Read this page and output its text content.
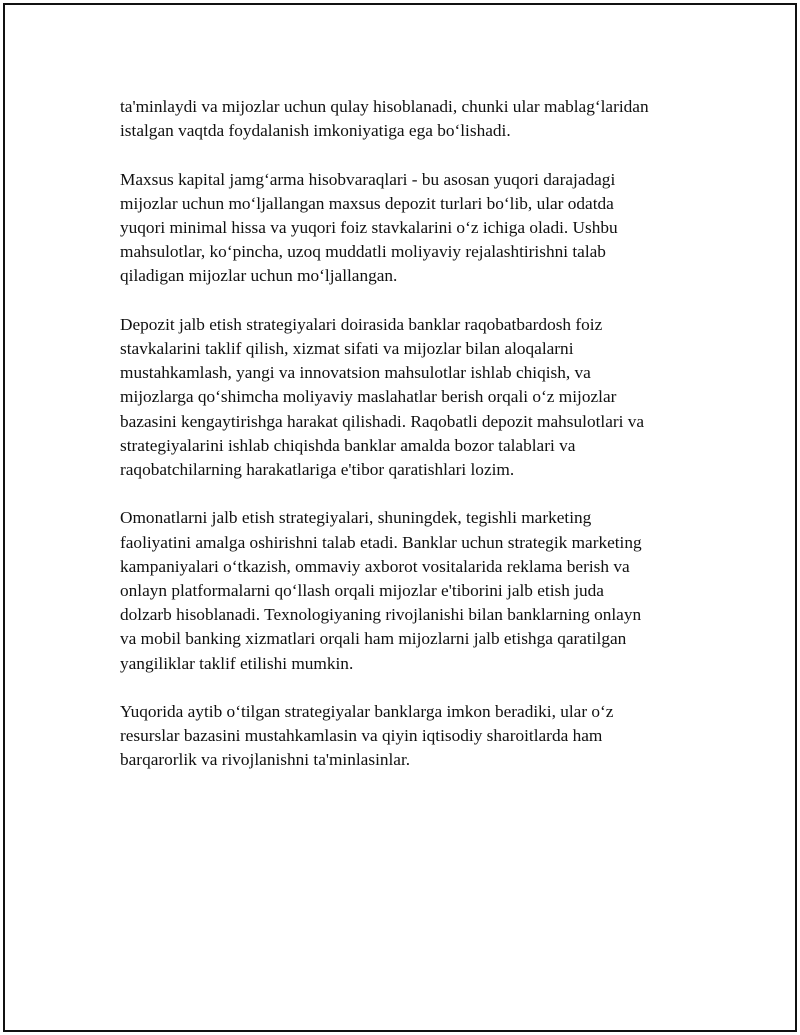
ta'minlaydi va mijozlar uchun qulay hisoblanadi, chunki ular mablag‘laridan
istalgan vaqtda foydalanish imkoniyatiga ega bo‘lishadi.

Maxsus kapital jamg‘arma hisobvaraqlari - bu asosan yuqori darajadagi
mijozlar uchun mo‘ljallangan maxsus depozit turlari bo‘lib, ular odatda
yuqori minimal hissa va yuqori foiz stavkalarini o‘z ichiga oladi. Ushbu
mahsulotlar, ko‘pincha, uzoq muddatli moliyaviy rejalashtirishni talab
qiladigan mijozlar uchun mo‘ljallangan.

Depozit jalb etish strategiyalari doirasida banklar raqobatbardosh foiz
stavkalarini taklif qilish, xizmat sifati va mijozlar bilan aloqalarni
mustahkamlash, yangi va innovatsion mahsulotlar ishlab chiqish, va
mijozlarga qo‘shimcha moliyaviy maslahatlar berish orqali o‘z mijozlar
bazasini kengaytirishga harakat qilishadi. Raqobatli depozit mahsulotlari va
strategiyalarini ishlab chiqishda banklar amalda bozor talablari va
raqobatchilarning harakatlariga e'tibor qaratishlari lozim.

Omonatlarni jalb etish strategiyalari, shuningdek, tegishli marketing
faoliyatini amalga oshirishni talab etadi. Banklar uchun strategik marketing
kampaniyalari o‘tkazish, ommaviy axborot vositalarida reklama berish va
onlayn platformalarni qo‘llash orqali mijozlar e'tiborini jalb etish juda
dolzarb hisoblanadi. Texnologiyaning rivojlanishi bilan banklarning onlayn
va mobil banking xizmatlari orqali ham mijozlarni jalb etishga qaratilgan
yangiliklar taklif etilishi mumkin.

Yuqorida aytib o‘tilgan strategiyalar banklarga imkon beradiki, ular o‘z
resurslar bazasini mustahkamlasin va qiyin iqtisodiy sharoitlarda ham
barqarorlik va rivojlanishni ta'minlasinlar.
